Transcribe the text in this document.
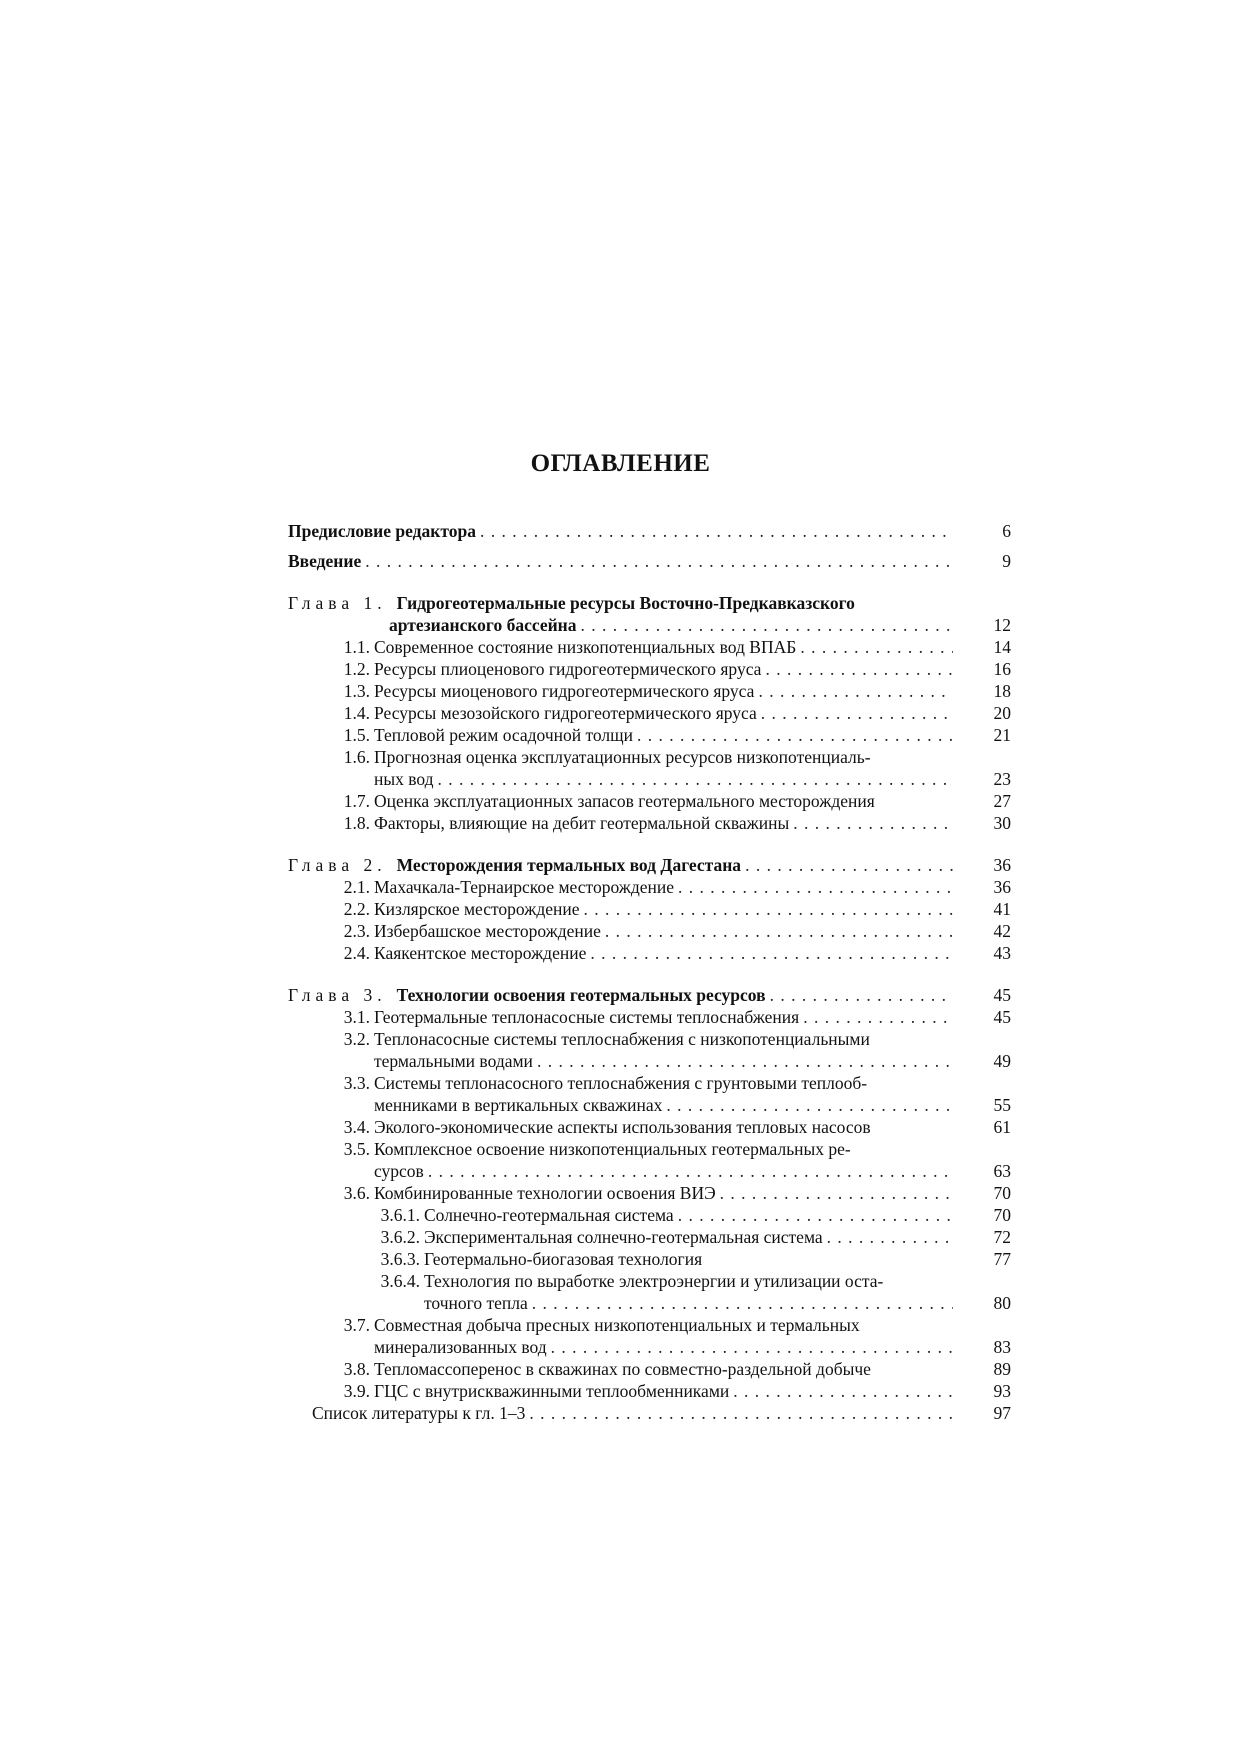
ОГЛАВЛЕНИЕ
Предисловие редактора . . .	6
Введение . . .	9
Глава 1. Гидрогеотермальные ресурсы Восточно-Предкавказского
артезианского бассейна . . .	12
1.1. Современное состояние низкопотенциальных вод ВПАБ . . .	14
1.2. Ресурсы плиоценового гидрогеотермического яруса . . .	16
1.3. Ресурсы миоценового гидрогеотермического яруса . . .	18
1.4. Ресурсы мезозойского гидрогеотермического яруса . . .	20
1.5. Тепловой режим осадочной толщи . . .	21
1.6. Прогнозная оценка эксплуатационных ресурсов низкопотенциаль-
ных вод . . .	23
1.7. Оценка эксплуатационных запасов геотермального месторождения	27
1.8. Факторы, влияющие на дебит геотермальной скважины . . .	30
Глава 2. Месторождения термальных вод Дагестана . . .	36
2.1. Махачкала-Тернаирское месторождение . . .	36
2.2. Кизлярское месторождение . . .	41
2.3. Избербашское месторождение . . .	42
2.4. Каякентское месторождение . . .	43
Глава 3. Технологии освоения геотермальных ресурсов . . .	45
3.1. Геотермальные теплонасосные системы теплоснабжения . . .	45
3.2. Теплонасосные системы теплоснабжения с низкопотенциальными
термальными водами . . .	49
3.3. Системы теплонасосного теплоснабжения с грунтовыми теплооб-
менниками в вертикальных скважинах . . .	55
3.4. Эколого-экономические аспекты использования тепловых насосов	61
3.5. Комплексное освоение низкопотенциальных геотермальных ре-
сурсов . . .	63
3.6. Комбинированные технологии освоения ВИЭ . . .	70
3.6.1. Солнечно-геотермальная система . . .	70
3.6.2. Экспериментальная солнечно-геотермальная система . . .	72
3.6.3. Геотермально-биогазовая технология	77
3.6.4. Технология по выработке электроэнергии и утилизации оста-
точного тепла . . .	80
3.7. Совместная добыча пресных низкопотенциальных и термальных
минерализованных вод . . .	83
3.8. Тепломассоперенос в скважинах по совместно-раздельной добыче	89
3.9. ГЦС с внутрискважинными теплообменниками . . .	93
Список литературы к гл. 1–3 . . .	97
